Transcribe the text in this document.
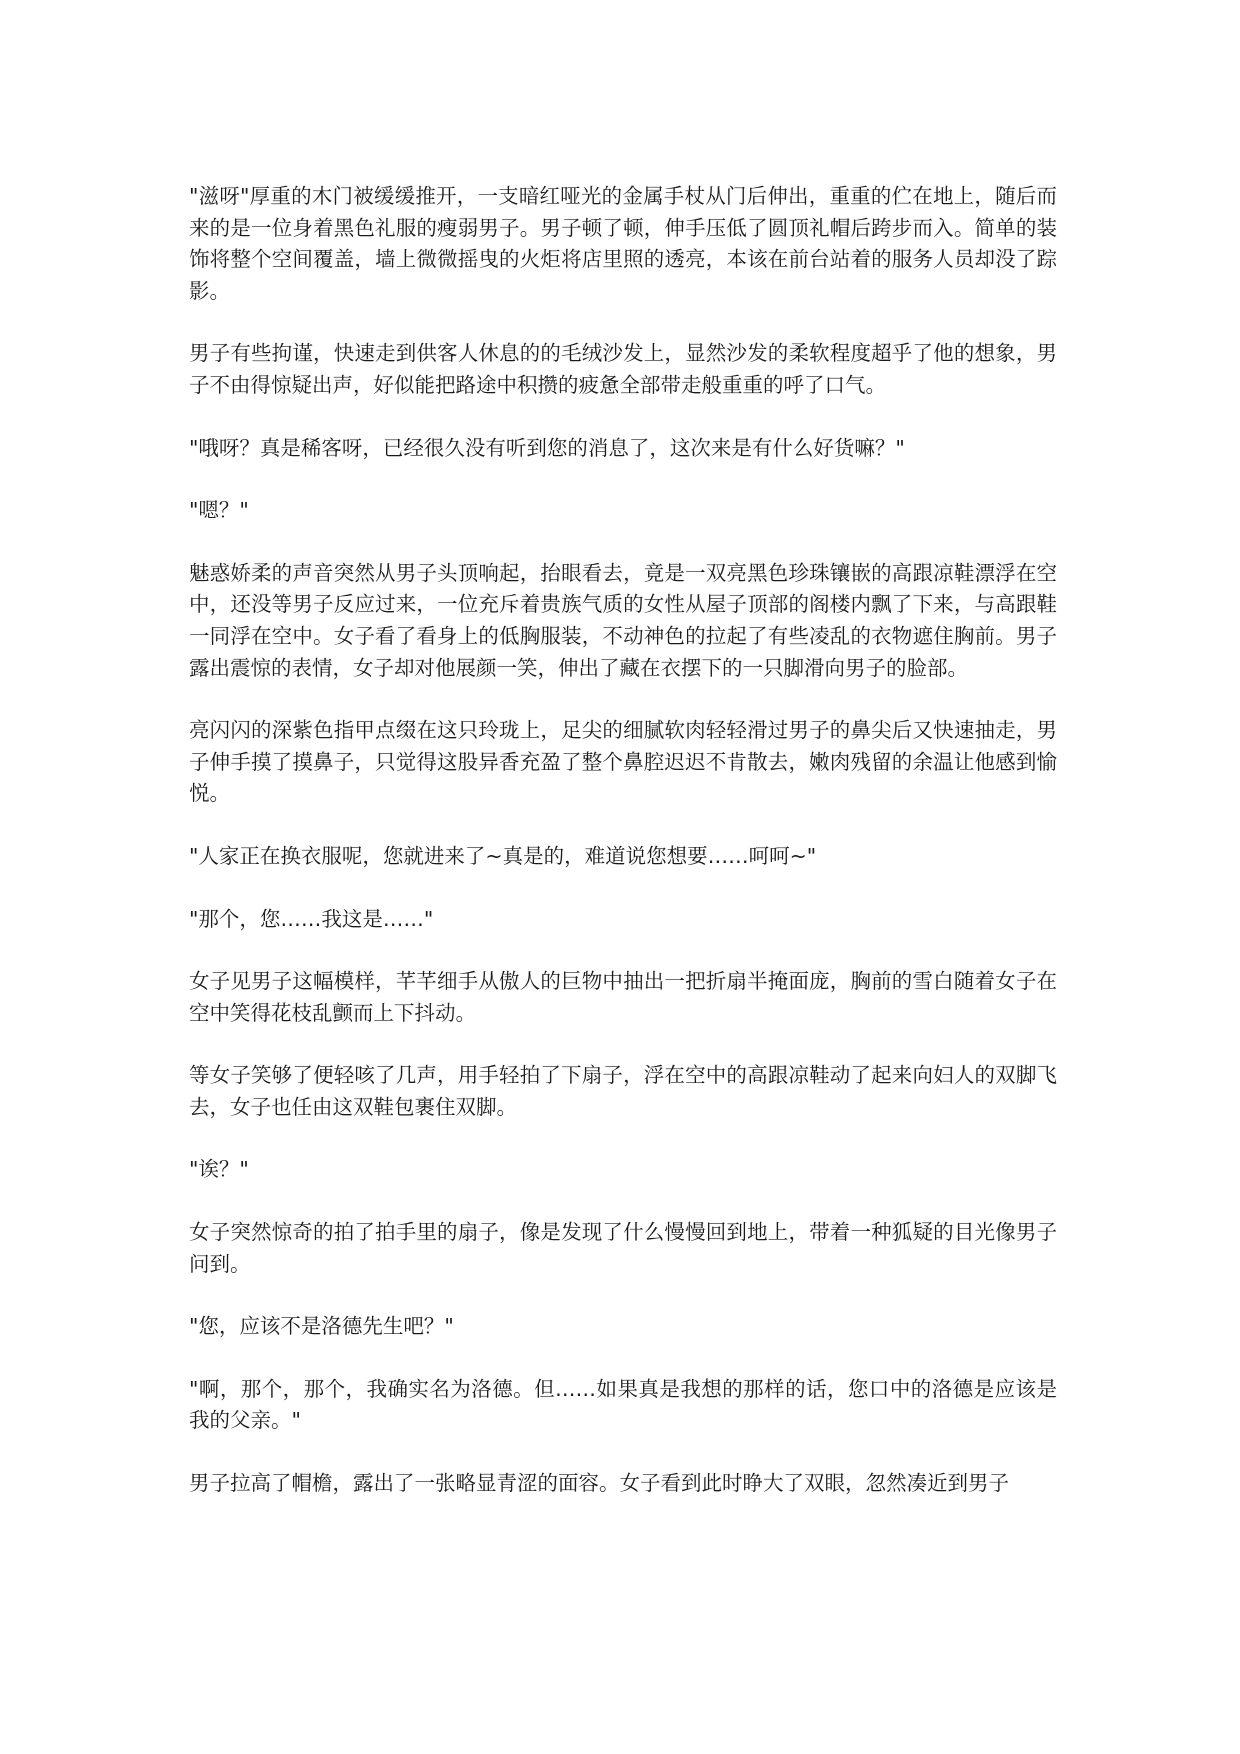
"滋呀"厚重的木门被缓缓推开，一支暗红哑光的金属手杖从门后伸出，重重的伫在地上，随后而来的是一位身着黑色礼服的瘦弱男子。男子顿了顿，伸手压低了圆顶礼帽后跨步而入。简单的装饰将整个空间覆盖，墙上微微摇曳的火炬将店里照的透亮，本该在前台站着的服务人员却没了踪影。

男子有些拘谨，快速走到供客人休息的的毛绒沙发上，显然沙发的柔软程度超乎了他的想象，男子不由得惊疑出声，好似能把路途中积攒的疲惫全部带走般重重的呼了口气。

"哦呀？真是稀客呀，已经很久没有听到您的消息了，这次来是有什么好货嘛？"

"嗯？"

魅惑娇柔的声音突然从男子头顶响起，抬眼看去，竟是一双亮黑色珍珠镶嵌的高跟凉鞋漂浮在空中，还没等男子反应过来，一位充斥着贵族气质的女性从屋子顶部的阁楼内飘了下来，与高跟鞋一同浮在空中。女子看了看身上的低胸服装，不动神色的拉起了有些凌乱的衣物遮住胸前。男子露出震惊的表情，女子却对他展颜一笑，伸出了藏在衣摆下的一只脚滑向男子的脸部。

亮闪闪的深紫色指甲点缀在这只玲珑上，足尖的细腻软肉轻轻滑过男子的鼻尖后又快速抽走，男子伸手摸了摸鼻子，只觉得这股异香充盈了整个鼻腔迟迟不肯散去，嫩肉残留的余温让他感到愉悦。

"人家正在换衣服呢，您就进来了~真是的，难道说您想要……呵呵~"

"那个，您……我这是……"

女子见男子这幅模样，芊芊细手从傲人的巨物中抽出一把折扇半掩面庞，胸前的雪白随着女子在空中笑得花枝乱颤而上下抖动。

等女子笑够了便轻咳了几声，用手轻拍了下扇子，浮在空中的高跟凉鞋动了起来向妇人的双脚飞去，女子也任由这双鞋包裹住双脚。

"诶？"

女子突然惊奇的拍了拍手里的扇子，像是发现了什么慢慢回到地上，带着一种狐疑的目光像男子问到。

"您，应该不是洛德先生吧？"

"啊，那个，那个，我确实名为洛德。但……如果真是我想的那样的话，您口中的洛德是应该是我的父亲。"

男子拉高了帽檐，露出了一张略显青涩的面容。女子看到此时睁大了双眼，忽然凑近到男子
